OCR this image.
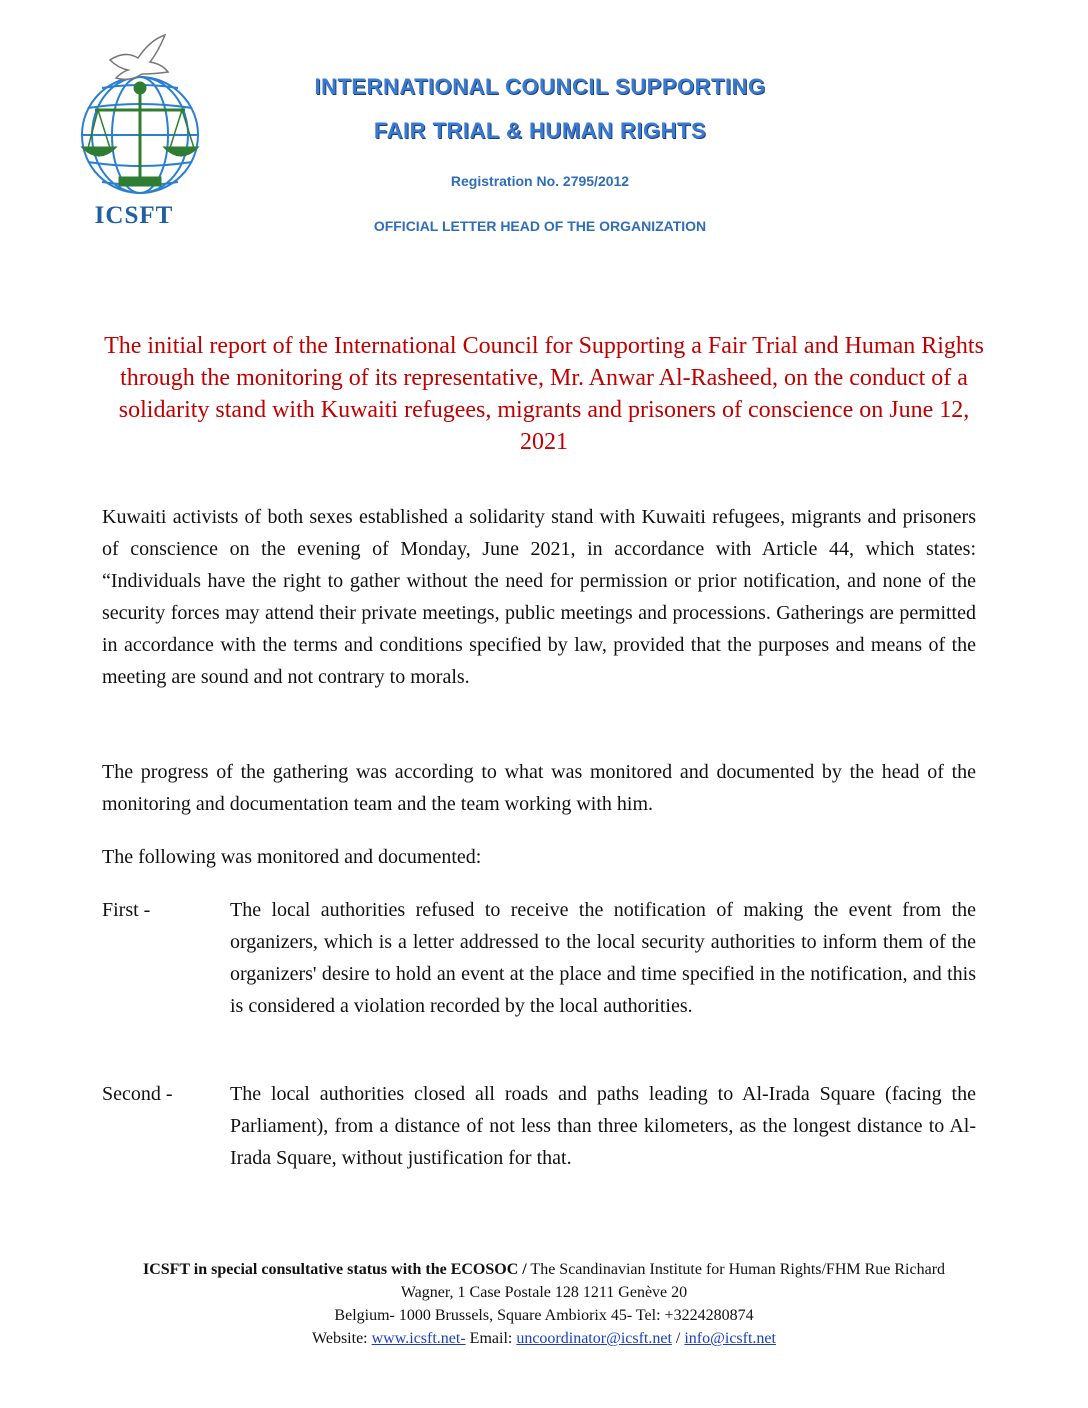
ICSFT
INTERNATIONAL COUNCIL SUPPORTING
FAIR TRIAL & HUMAN RIGHTS
Registration No. 2795/2012
OFFICIAL LETTER HEAD OF THE ORGANIZATION
The initial report of the International Council for Supporting a Fair Trial and Human Rights through the monitoring of its representative, Mr. Anwar Al-Rasheed, on the conduct of a solidarity stand with Kuwaiti refugees, migrants and prisoners of conscience on June 12, 2021
Kuwaiti activists of both sexes established a solidarity stand with Kuwaiti refugees, migrants and prisoners of conscience on the evening of Monday, June 2021, in accordance with Article 44, which states: “Individuals have the right to gather without the need for permission or prior notification, and none of the security forces may attend their private meetings, public meetings and processions. Gatherings are permitted in accordance with the terms and conditions specified by law, provided that the purposes and means of the meeting are sound and not contrary to morals.
The progress of the gathering was according to what was monitored and documented by the head of the monitoring and documentation team and the team working with him.
The following was monitored and documented:
First -	The local authorities refused to receive the notification of making the event from the organizers, which is a letter addressed to the local security authorities to inform them of the organizers' desire to hold an event at the place and time specified in the notification, and this is considered a violation recorded by the local authorities.
Second -	The local authorities closed all roads and paths leading to Al-Irada Square (facing the Parliament), from a distance of not less than three kilometers, as the longest distance to Al-Irada Square, without justification for that.
ICSFT in special consultative status with the ECOSOC / The Scandinavian Institute for Human Rights/FHM Rue Richard Wagner, 1 Case Postale 128 1211 Genève 20
Belgium- 1000 Brussels, Square Ambiorix 45- Tel: +3224280874
Website: www.icsft.net- Email: uncoordinator@icsft.net / info@icsft.net
